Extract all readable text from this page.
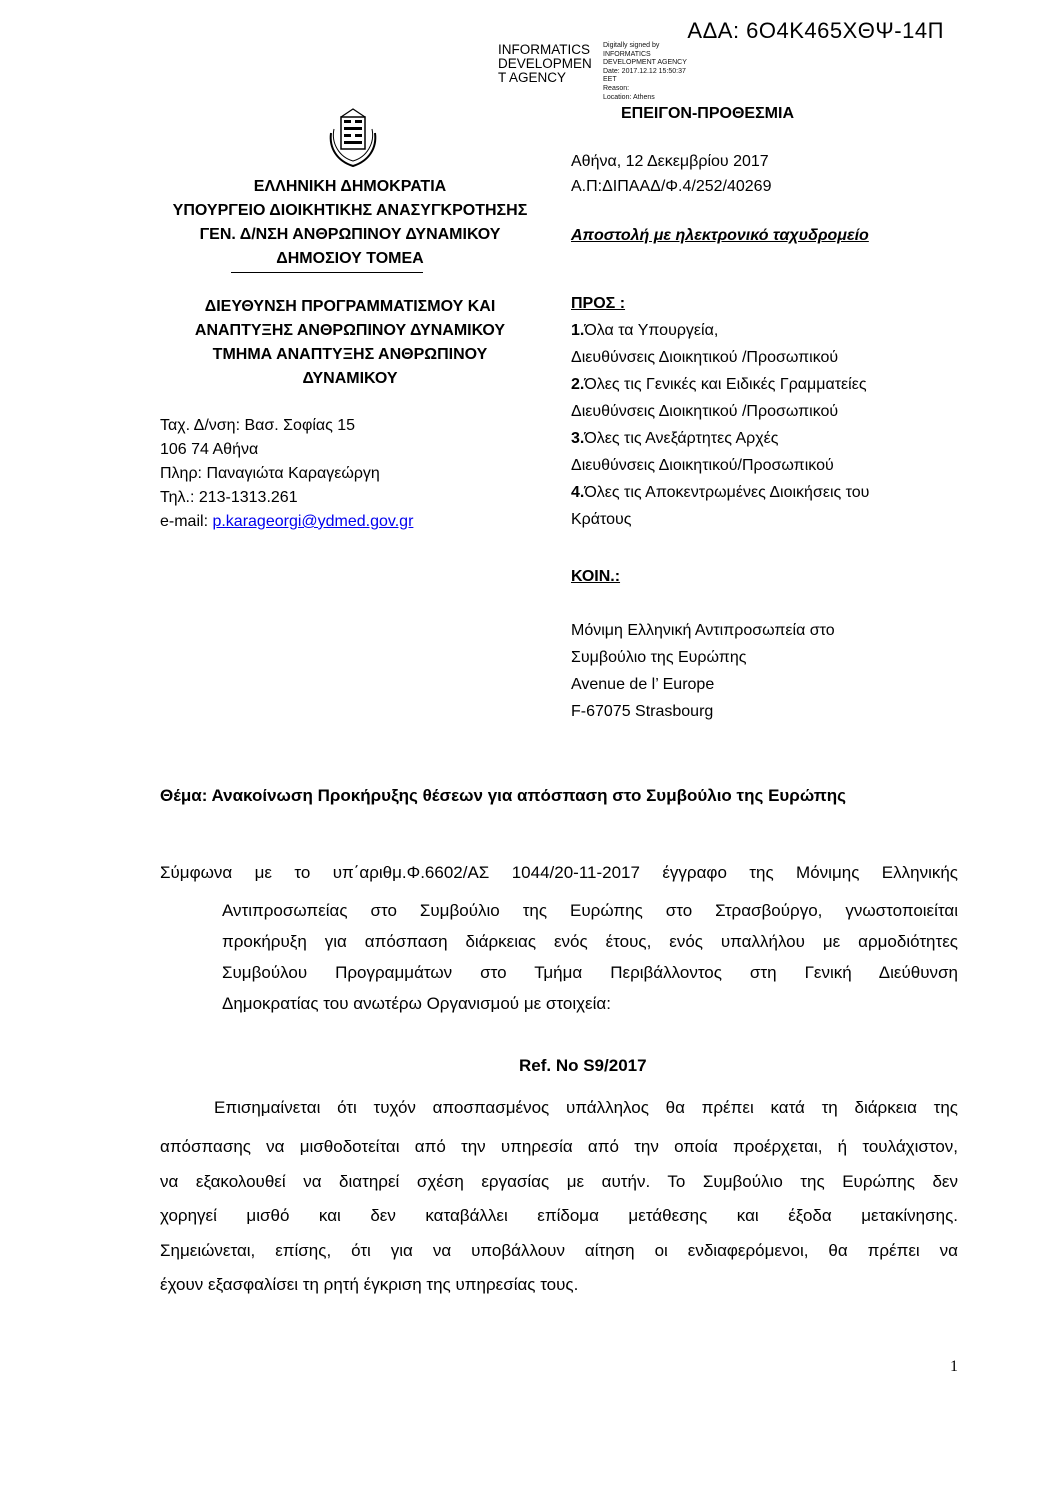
ΑΔΑ: 6Ο4Κ465ΧΘΨ-14Π
INFORMATICS
DEVELOPMEN
T AGENCY
Digitally signed by
INFORMATICS
DEVELOPMENT AGENCY
Date: 2017.12.12 15:50:37
EET
Reason:
Location: Athens
ΕΠΕΙΓΟΝ-ΠΡΟΘΕΣΜΙΑ
ΕΛΛΗΝΙΚΗ ΔΗΜΟΚΡΑΤΙΑ
ΥΠΟΥΡΓΕΙΟ ΔΙΟΙΚΗΤΙΚΗΣ ΑΝΑΣΥΓΚΡΟΤΗΣΗΣ
ΓΕΝ. Δ/ΝΣΗ ΑΝΘΡΩΠΙΝΟΥ ΔΥΝΑΜΙΚΟΥ
ΔΗΜΟΣΙΟΥ ΤΟΜΕΑ
ΔΙΕΥΘΥΝΣΗ ΠΡΟΓΡΑΜΜΑΤΙΣΜΟΥ ΚΑΙ
ΑΝΑΠΤΥΞΗΣ ΑΝΘΡΩΠΙΝΟΥ ΔΥΝΑΜΙΚΟΥ
ΤΜΗΜΑ ΑΝΑΠΤΥΞΗΣ ΑΝΘΡΩΠΙΝΟΥ
ΔΥΝΑΜΙΚΟΥ
Ταχ. Δ/νση: Βασ. Σοφίας 15
106 74 Αθήνα
Πληρ: Παναγιώτα Καραγεώργη
Τηλ.: 213-1313.261
e-mail: p.karageorgi@ydmed.gov.gr
Αθήνα, 12 Δεκεμβρίου 2017
Α.Π:ΔΙΠΑΑΔ/Φ.4/252/40269
Αποστολή με ηλεκτρονικό ταχυδρομείο
ΠΡΟΣ :
1.Όλα τα Υπουργεία,
Διευθύνσεις Διοικητικού /Προσωπικού
2.Όλες τις Γενικές και Ειδικές Γραμματείες
Διευθύνσεις Διοικητικού /Προσωπικού
3.Όλες τις Ανεξάρτητες Αρχές
Διευθύνσεις Διοικητικού/Προσωπικού
4.Όλες τις Αποκεντρωμένες Διοικήσεις του
Κράτους
ΚΟΙΝ.:
Μόνιμη Ελληνική Αντιπροσωπεία στο
Συμβούλιο της Ευρώπης
Avenue de l’ Europe
F-67075 Strasbourg
Θέμα: Ανακοίνωση Προκήρυξης θέσεων για απόσπαση στο Συμβούλιο της Ευρώπης
Σύμφωνα με το υπ΄αριθμ.Φ.6602/ΑΣ 1044/20-11-2017 έγγραφο της Μόνιμης Ελληνικής
Αντιπροσωπείας στο Συμβούλιο της Ευρώπης στο Στρασβούργο, γνωστοποιείται
προκήρυξη για απόσπαση διάρκειας ενός έτους, ενός υπαλλήλου με αρμοδιότητες
Συμβούλου Προγραμμάτων στο Τμήμα Περιβάλλοντος στη Γενική Διεύθυνση
Δημοκρατίας του ανωτέρω Οργανισμού με στοιχεία:
Ref. No S9/2017
Επισημαίνεται ότι τυχόν αποσπασμένος υπάλληλος θα πρέπει κατά τη διάρκεια της
απόσπασης να μισθοδοτείται από την υπηρεσία από την οποία προέρχεται, ή τουλάχιστον,
να εξακολουθεί να διατηρεί σχέση εργασίας με αυτήν. Το Συμβούλιο της Ευρώπης δεν
χορηγεί μισθό και δεν καταβάλλει επίδομα μετάθεσης και έξοδα μετακίνησης.
Σημειώνεται, επίσης, ότι για να υποβάλλουν αίτηση οι ενδιαφερόμενοι, θα πρέπει να
έχουν εξασφαλίσει τη ρητή έγκριση της υπηρεσίας τους.
1
